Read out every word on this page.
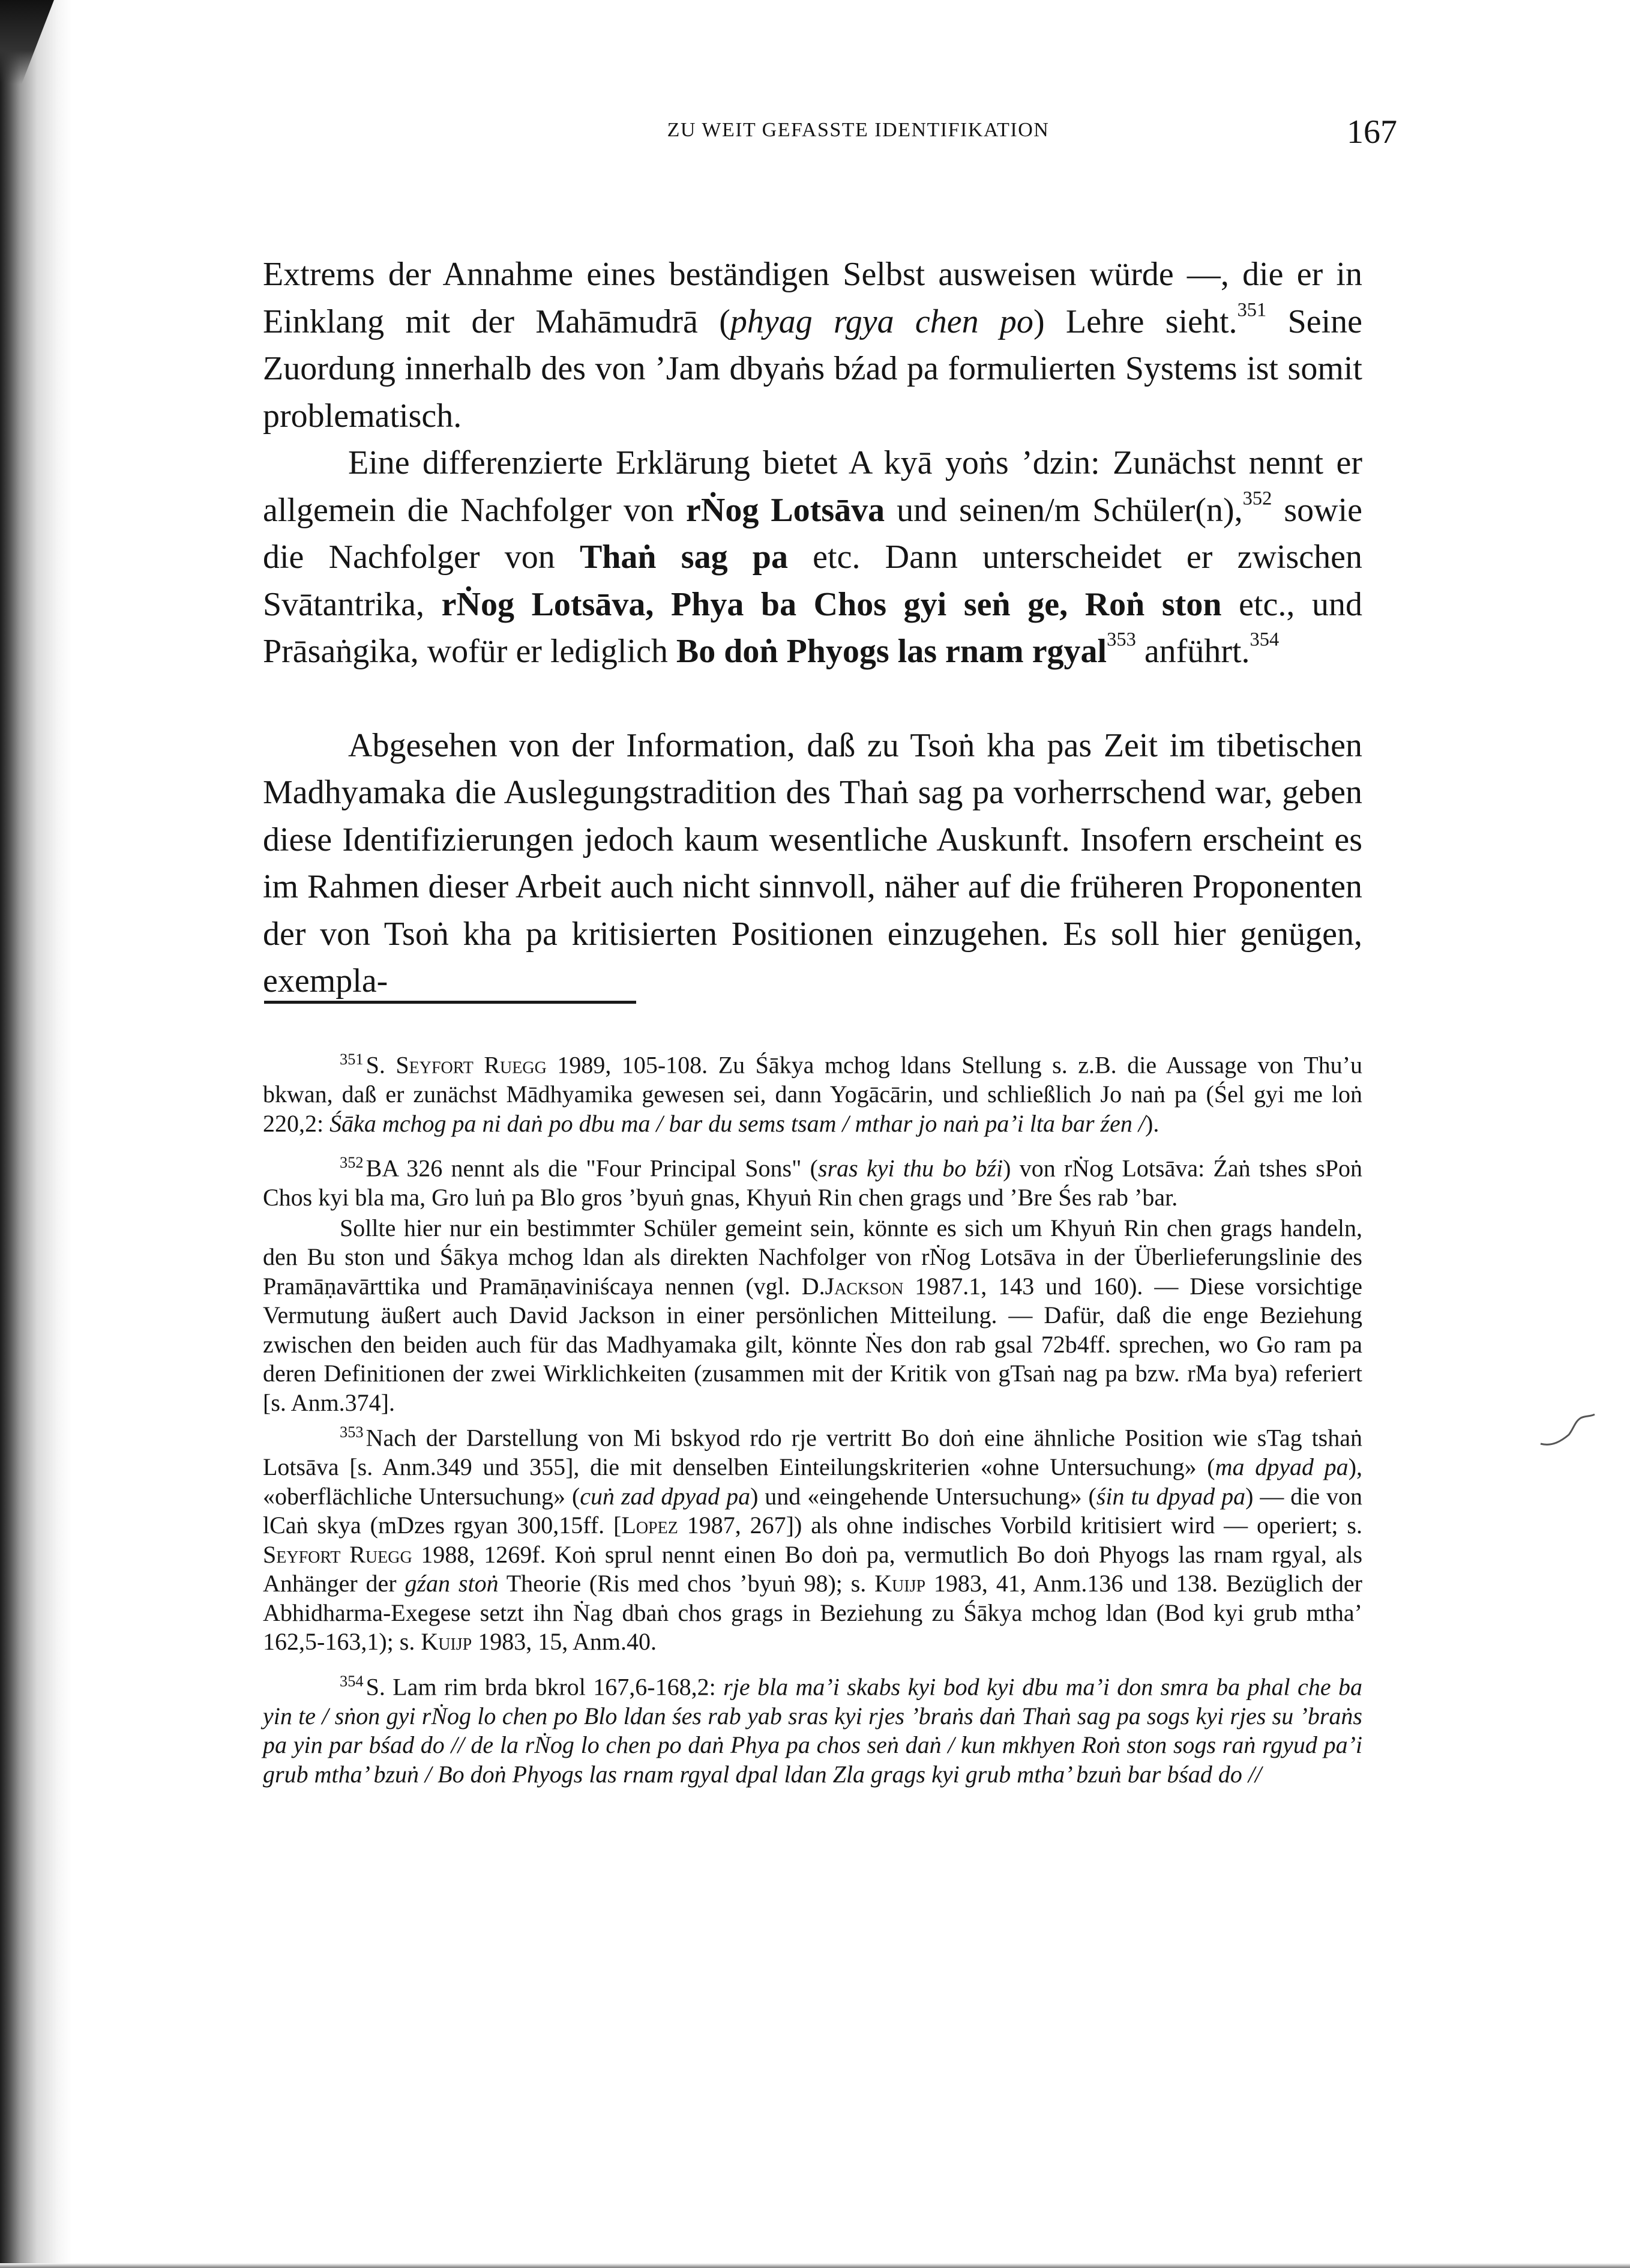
ZU WEIT GEFASSTE IDENTIFIKATION	167

Extrems der Annahme eines beständigen Selbst ausweisen würde —, die er in Einklang mit der Mahāmudrā (phyag rgya chen po) Lehre sieht.$^{351}$ Seine Zuordung innerhalb des von ’Jam dbyaṅs bźad pa formulierten Systems ist somit problematisch.

Eine differenzierte Erklärung bietet A kyā yoṅs ’dzin: Zunächst nennt er allgemein die Nachfolger von rṄog Lotsāva und seinen/m Schüler(n),$^{352}$ sowie die Nachfolger von Thaṅ sag pa etc. Dann unterscheidet er zwischen Svātantrika, rṄog Lotsāva, Phya ba Chos gyi seṅ ge, Roṅ ston etc., und Prāsaṅgika, wofür er lediglich Bo doṅ Phyogs las rnam rgyal$^{353}$ anführt.$^{354}$

Abgesehen von der Information, daß zu Tsoṅ kha pas Zeit im tibetischen Madhyamaka die Auslegungstradition des Thaṅ sag pa vorherrschend war, geben diese Identifizierungen jedoch kaum wesentliche Auskunft. Insofern erscheint es im Rahmen dieser Arbeit auch nicht sinnvoll, näher auf die früheren Proponenten der von Tsoṅ kha pa kritisierten Positionen einzugehen. Es soll hier genügen, exempla-

$^{351}$ S. Seyfort Ruegg 1989, 105-108. Zu Śākya mchog ldans Stellung s. z.B. die Aussage von Thu’u bkwan, daß er zunächst Mādhyamika gewesen sei, dann Yogācārin, und schließlich Jo naṅ pa (Śel gyi me loṅ 220,2: Śāka mchog pa ni daṅ po dbu ma / bar du sems tsam / mthar jo naṅ pa’i lta bar źen /).

$^{352}$ BA 326 nennt als die "Four Principal Sons" (sras kyi thu bo bźi) von rṄog Lotsāva: Źaṅ tshes sPoṅ Chos kyi bla ma, Gro luṅ pa Blo gros ’byuṅ gnas, Khyuṅ Rin chen grags und ’Bre Śes rab ’bar.

Sollte hier nur ein bestimmter Schüler gemeint sein, könnte es sich um Khyuṅ Rin chen grags handeln, den Bu ston und Śākya mchog ldan als direkten Nachfolger von rṄog Lotsāva in der Überlieferungslinie des Pramāṇavārttika und Pramāṇaviniścaya nennen (vgl. D.Jackson 1987.1, 143 und 160). — Diese vorsichtige Vermutung äußert auch David Jackson in einer persönlichen Mitteilung. — Dafür, daß die enge Beziehung zwischen den beiden auch für das Madhyamaka gilt, könnte Ṅes don rab gsal 72b4ff. sprechen, wo Go ram pa deren Definitionen der zwei Wirklichkeiten (zusammen mit der Kritik von gTsaṅ nag pa bzw. rMa bya) referiert [s. Anm.374].

$^{353}$ Nach der Darstellung von Mi bskyod rdo rje vertritt Bo doṅ eine ähnliche Position wie sTag tshaṅ Lotsāva [s. Anm.349 und 355], die mit denselben Einteilungskriterien «ohne Untersuchung» (ma dpyad pa), «oberflächliche Untersuchung» (cuṅ zad dpyad pa) und «eingehende Untersuchung» (śin tu dpyad pa) — die von lCaṅ skya (mDzes rgyan 300,15ff. [Lopez 1987, 267]) als ohne indisches Vorbild kritisiert wird — operiert; s. Seyfort Ruegg 1988, 1269f. Koṅ sprul nennt einen Bo doṅ pa, vermutlich Bo doṅ Phyogs las rnam rgyal, als Anhänger der gźan stoṅ Theorie (Ris med chos ’byuṅ 98); s. Kuijp 1983, 41, Anm.136 und 138. Bezüglich der Abhidharma-Exegese setzt ihn Ṅag dbaṅ chos grags in Beziehung zu Śākya mchog ldan (Bod kyi grub mtha’ 162,5-163,1); s. Kuijp 1983, 15, Anm.40.

$^{354}$ S. Lam rim brda bkrol 167,6-168,2: rje bla ma’i skabs kyi bod kyi dbu ma’i don smra ba phal che ba yin te / sṅon gyi rṄog lo chen po Blo ldan śes rab yab sras kyi rjes ’braṅs daṅ Thaṅ sag pa sogs kyi rjes su ’braṅs pa yin par bśad do // de la rṄog lo chen po daṅ Phya pa chos seṅ daṅ / kun mkhyen Roṅ ston sogs raṅ rgyud pa’i grub mtha’ bzuṅ / Bo doṅ Phyogs las rnam rgyal dpal ldan Zla grags kyi grub mtha’ bzuṅ bar bśad do //
